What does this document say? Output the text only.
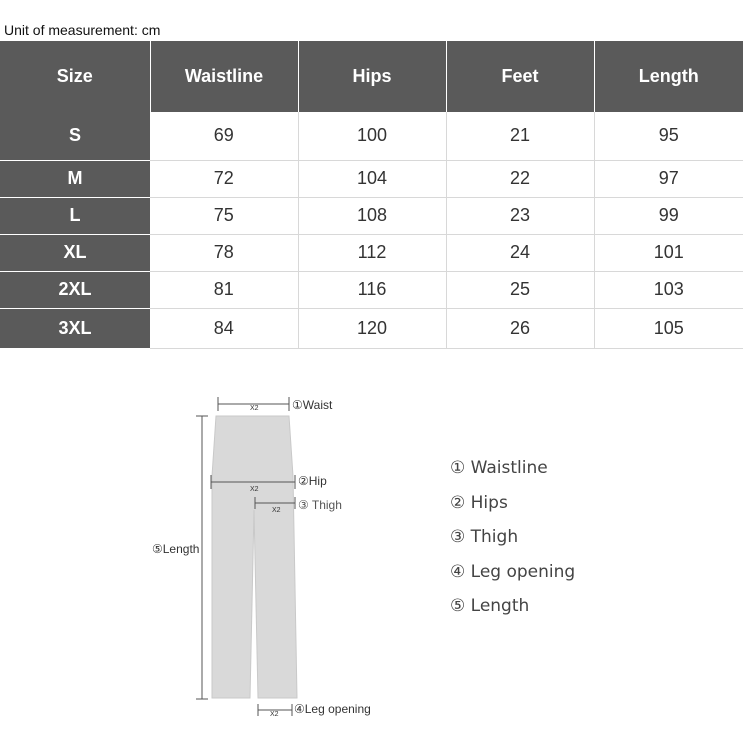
Unit of measurement: cm
Size	Waistline	Hips	Feet	Length
S	69	100	21	95
M	72	104	22	97
L	75	108	23	99
XL	78	112	24	101
2XL	81	116	25	103
3XL	84	120	26	105
X2	①Waist
X2
②Hip
X2 ③ Thigh
⑤Length
X2 ④Leg opening
① Waistline
② Hips
③ Thigh
④ Leg opening
⑤ Length
